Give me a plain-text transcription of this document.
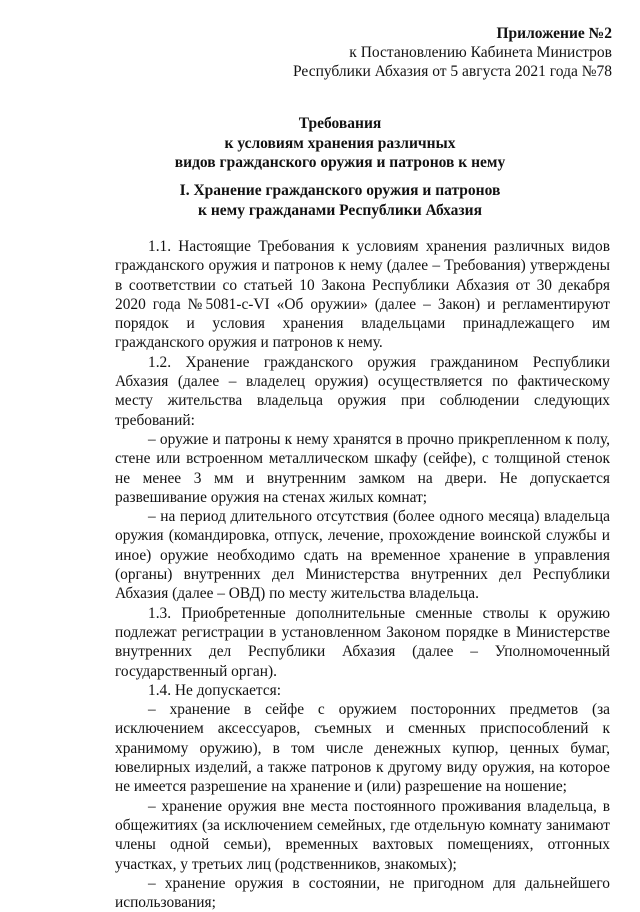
Приложение №2
к Постановлению Кабинета Министров
Республики Абхазия от 5 августа 2021 года №78
Требования
к условиям хранения различных
видов гражданского оружия и патронов к нему
I. Хранение гражданского оружия и патронов
к нему гражданами Республики Абхазия

1.1. Настоящие Требования к условиям хранения различных видов гражданского оружия и патронов к нему (далее – Требования) утверждены в соответствии со статьей 10 Закона Республики Абхазия от 30 декабря 2020 года №5081-с-VI «Об оружии» (далее – Закон) и регламентируют порядок и условия хранения владельцами принадлежащего им гражданского оружия и патронов к нему.

1.2. Хранение гражданского оружия гражданином Республики Абхазия (далее – владелец оружия) осуществляется по фактическому месту жительства владельца оружия при соблюдении следующих требований:

– оружие и патроны к нему хранятся в прочно прикрепленном к полу, стене или встроенном металлическом шкафу (сейфе), с толщиной стенок не менее 3 мм и внутренним замком на двери. Не допускается развешивание оружия на стенах жилых комнат;

– на период длительного отсутствия (более одного месяца) владельца оружия (командировка, отпуск, лечение, прохождение воинской службы и иное) оружие необходимо сдать на временное хранение в управления (органы) внутренних дел Министерства внутренних дел Республики Абхазия (далее – ОВД) по месту жительства владельца.

1.3. Приобретенные дополнительные сменные стволы к оружию подлежат регистрации в установленном Законом порядке в Министерстве внутренних дел Республики Абхазия (далее – Уполномоченный государственный орган).

1.4. Не допускается:

– хранение в сейфе с оружием посторонних предметов (за исключением аксессуаров, съемных и сменных приспособлений к хранимому оружию), в том числе денежных купюр, ценных бумаг, ювелирных изделий, а также патронов к другому виду оружия, на которое не имеется разрешение на хранение и (или) разрешение на ношение;

– хранение оружия вне места постоянного проживания владельца, в общежитиях (за исключением семейных, где отдельную комнату занимают члены одной семьи), временных вахтовых помещениях, отгонных участках, у третьих лиц (родственников, знакомых);

– хранение оружия в состоянии, не пригодном для дальнейшего использования;
